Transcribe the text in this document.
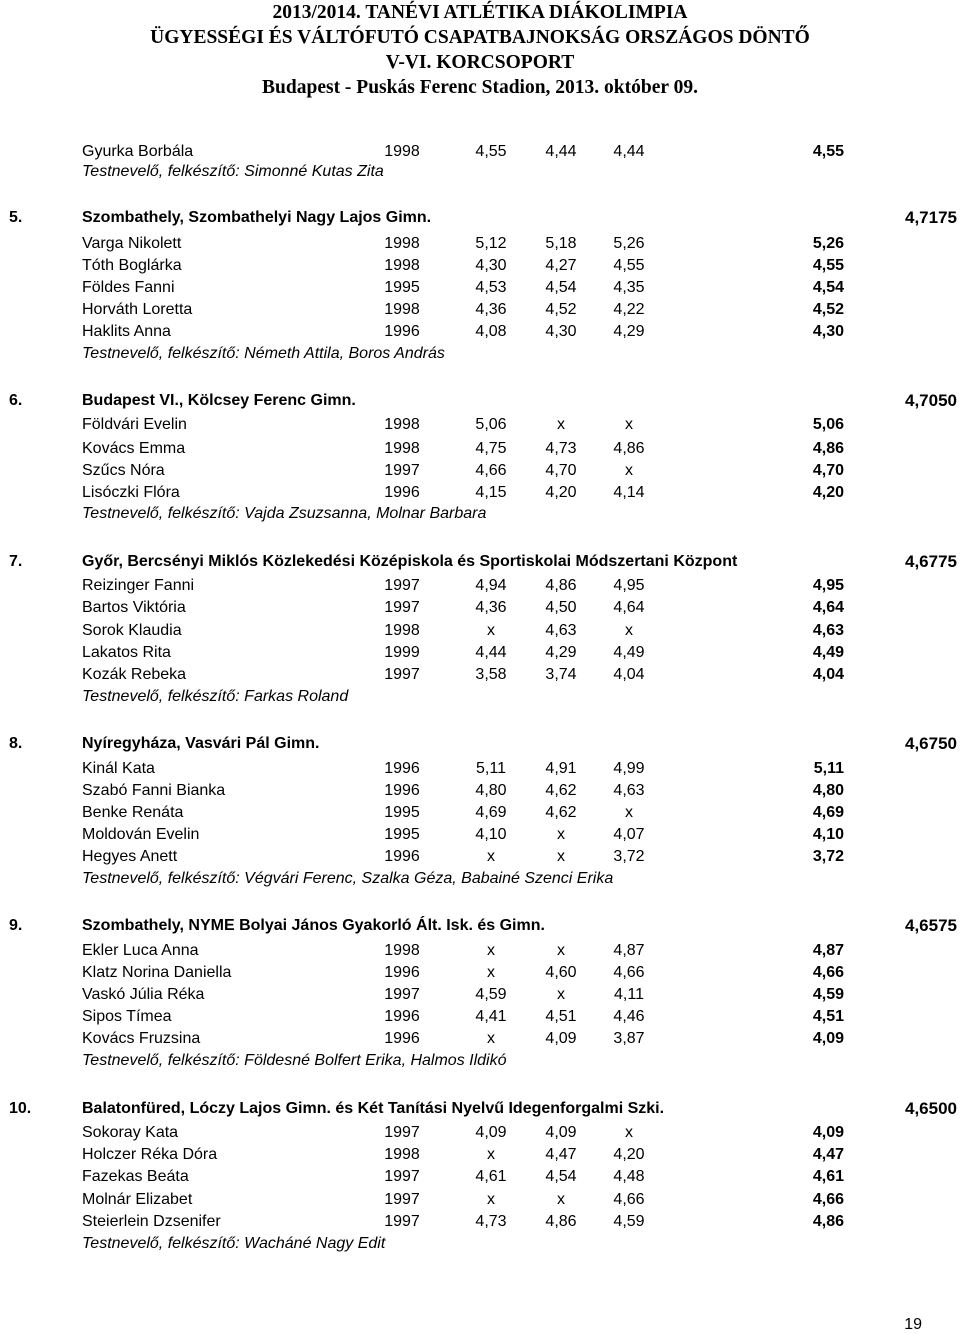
2013/2014. TANÉVI ATLÉTIKA DIÁKOLIMPIA
ÜGYESSÉGI ÉS VÁLTÓFUTÓ CSAPATBAJNOKSÁG ORSZÁGOS DÖNTŐ
V-VI. KORCSOPORT
Budapest - Puskás Ferenc Stadion, 2013. október 09.
Gyurka Borbála	1998	4,55	4,44	4,44	4,55
Testnevelő, felkészítő: Simonné Kutas Zita
5.	Szombathely, Szombathelyi Nagy Lajos Gimn.	4,7175
Varga Nikolett	1998	5,12	5,18	5,26	5,26
Tóth Boglárka	1998	4,30	4,27	4,55	4,55
Földes Fanni	1995	4,53	4,54	4,35	4,54
Horváth Loretta	1998	4,36	4,52	4,22	4,52
Haklits Anna	1996	4,08	4,30	4,29	4,30
Testnevelő, felkészítő: Németh Attila, Boros András
6.	Budapest VI., Kölcsey Ferenc Gimn.	4,7050
Földvári Evelin	1998	5,06	x	x	5,06
Kovács Emma	1998	4,75	4,73	4,86	4,86
Szűcs Nóra	1997	4,66	4,70	x	4,70
Lisóczki Flóra	1996	4,15	4,20	4,14	4,20
Testnevelő, felkészítő: Vajda Zsuzsanna, Molnar Barbara
7.	Győr, Bercsényi Miklós Közlekedési Középiskola és Sportiskolai Módszertani Központ	4,6775
Reizinger Fanni	1997	4,94	4,86	4,95	4,95
Bartos Viktória	1997	4,36	4,50	4,64	4,64
Sorok Klaudia	1998	x	4,63	x	4,63
Lakatos Rita	1999	4,44	4,29	4,49	4,49
Kozák Rebeka	1997	3,58	3,74	4,04	4,04
Testnevelő, felkészítő: Farkas Roland
8.	Nyíregyháza, Vasvári Pál Gimn.	4,6750
Kinál Kata	1996	5,11	4,91	4,99	5,11
Szabó Fanni Bianka	1996	4,80	4,62	4,63	4,80
Benke Renáta	1995	4,69	4,62	x	4,69
Moldován Evelin	1995	4,10	x	4,07	4,10
Hegyes Anett	1996	x	x	3,72	3,72
Testnevelő, felkészítő: Végvári Ferenc, Szalka Géza, Babainé Szenci Erika
9.	Szombathely, NYME Bolyai János Gyakorló Ált. Isk. és Gimn.	4,6575
Ekler Luca Anna	1998	x	x	4,87	4,87
Klatz Norina Daniella	1996	x	4,60	4,66	4,66
Vaskó Júlia Réka	1997	4,59	x	4,11	4,59
Sipos Tímea	1996	4,41	4,51	4,46	4,51
Kovács Fruzsina	1996	x	4,09	3,87	4,09
Testnevelő, felkészítő: Földesné Bolfert Erika, Halmos Ildikó
10.	Balatonfüred, Lóczy Lajos Gimn. és Két Tanítási Nyelvű Idegenforgalmi Szki.	4,6500
Sokoray Kata	1997	4,09	4,09	x	4,09
Holczer Réka Dóra	1998	x	4,47	4,20	4,47
Fazekas Beáta	1997	4,61	4,54	4,48	4,61
Molnár Elizabet	1997	x	x	4,66	4,66
Steierlein Dzsenifer	1997	4,73	4,86	4,59	4,86
Testnevelő, felkészítő: Wacháné Nagy Edit
19
